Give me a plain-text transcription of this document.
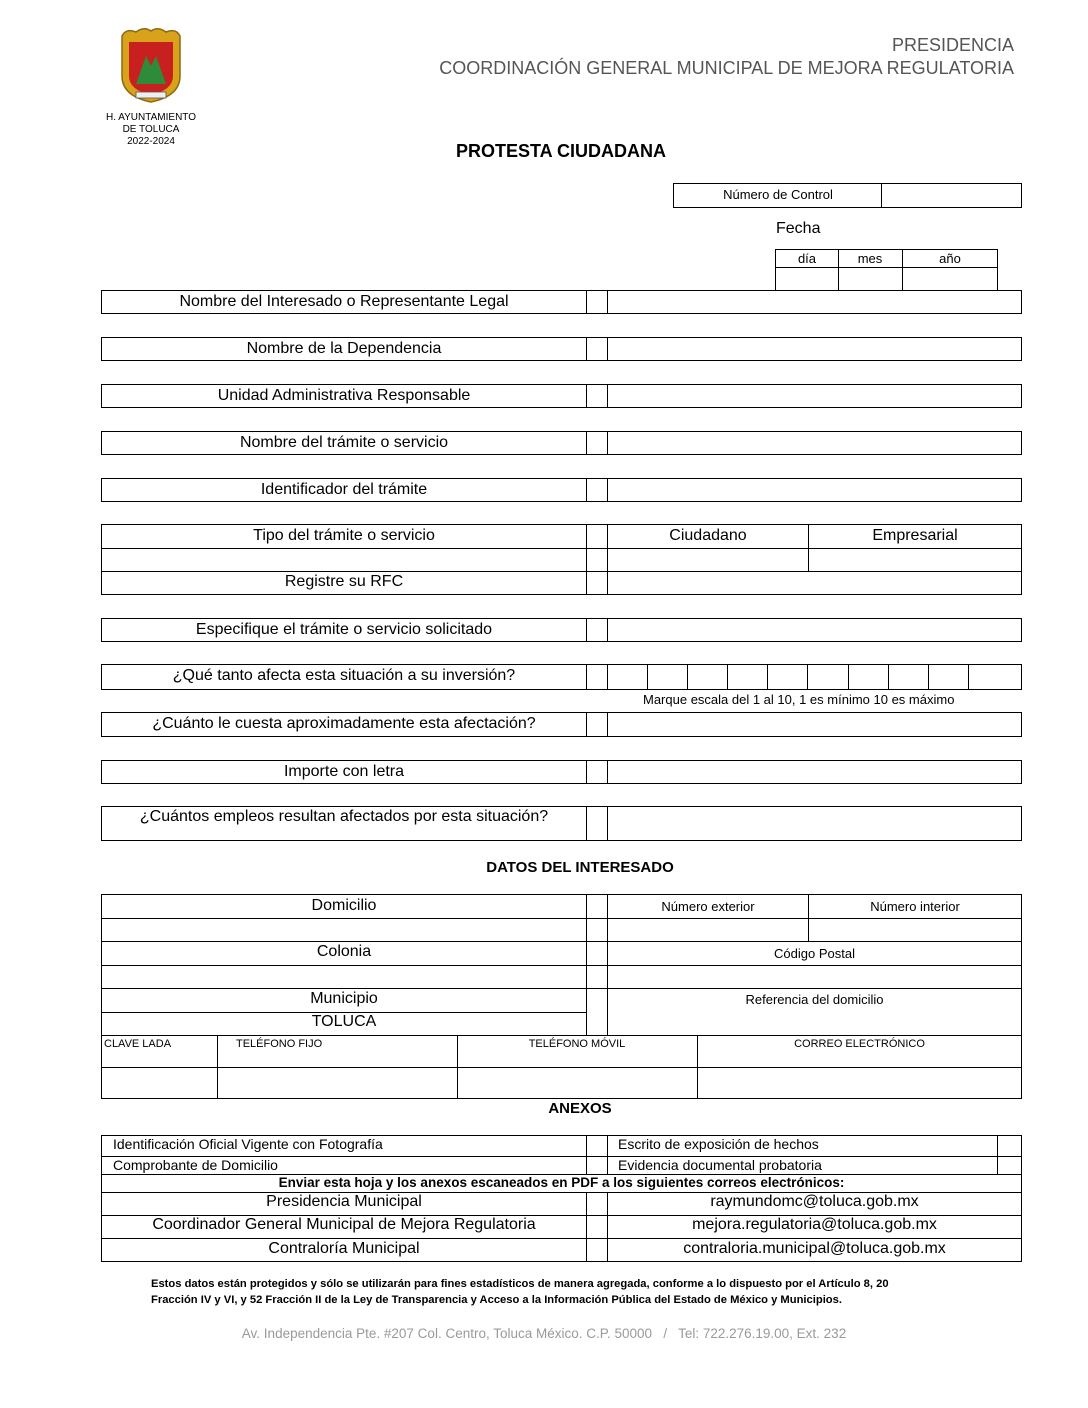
H. AYUNTAMIENTO
DE TOLUCA
2022-2024
PRESIDENCIA
COORDINACIÓN GENERAL MUNICIPAL DE MEJORA REGULATORIA
PROTESTA CIUDADANA
Número de Control
Fecha
día	mes	año
Nombre del Interesado o Representante Legal
Nombre de la Dependencia
Unidad Administrativa Responsable
Nombre del trámite o servicio
Identificador del trámite
Tipo del trámite o servicio	Ciudadano	Empresarial
Registre su RFC
Especifique el trámite o servicio solicitado
¿Qué tanto afecta esta situación a su inversión?
Marque escala del 1 al 10, 1 es mínimo 10 es máximo
¿Cuánto le cuesta aproximadamente esta afectación?
Importe con letra
¿Cuántos empleos resultan afectados por esta situación?
DATOS DEL INTERESADO
Domicilio	Número exterior	Número interior
Colonia	Código Postal
Municipio	Referencia del domicilio
TOLUCA
CLAVE LADA	TELÉFONO FIJO	TELÉFONO MÓVIL	CORREO ELECTRÓNICO
ANEXOS
Identificación Oficial Vigente con Fotografía	Escrito de exposición de hechos
Comprobante de Domicilio	Evidencia documental probatoria
Enviar esta hoja y los anexos escaneados en PDF a los siguientes correos electrónicos:
Presidencia Municipal	raymundomc@toluca.gob.mx
Coordinador General Municipal de Mejora Regulatoria	mejora.regulatoria@toluca.gob.mx
Contraloría Municipal	contraloria.municipal@toluca.gob.mx
Estos datos están protegidos y sólo se utilizarán para fines estadísticos de manera agregada, conforme a lo dispuesto por el Artículo 8, 20
Fracción IV y VI, y 52 Fracción II de la Ley de Transparencia y Acceso a la Información Pública del Estado de México y Municipios.
Av. Independencia Pte. #207 Col. Centro, Toluca México. C.P. 50000   /   Tel: 722.276.19.00, Ext. 232
